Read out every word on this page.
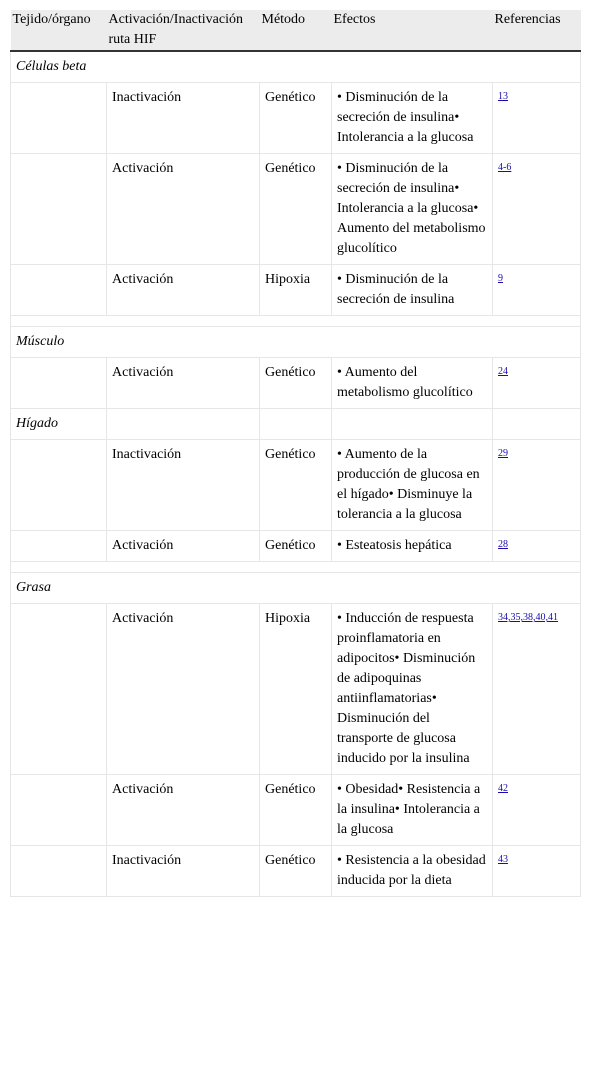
Tejido/órgano	Activación/Inactivación ruta HIF	Método	Efectos	Referencias
Células beta				
	Inactivación	Genético	• Disminución de la secreción de insulina• Intolerancia a la glucosa	13
	Activación	Genético	• Disminución de la secreción de insulina• Intolerancia a la glucosa• Aumento del metabolismo glucolítico	4-6
	Activación	Hipoxia	• Disminución de la secreción de insulina	9

Músculo				
	Activación	Genético	• Aumento del metabolismo glucolítico	24
Hígado				
	Inactivación	Genético	• Aumento de la producción de glucosa en el hígado• Disminuye la tolerancia a la glucosa	29
	Activación	Genético	• Esteatosis hepática	28

Grasa				
	Activación	Hipoxia	• Inducción de respuesta proinflamatoria en adipocitos• Disminución de adipoquinas antiinflamatorias• Disminución del transporte de glucosa inducido por la insulina	34,35,38,40,41
	Activación	Genético	• Obesidad• Resistencia a la insulina• Intolerancia a la glucosa	42
	Inactivación	Genético	• Resistencia a la obesidad inducida por la dieta	43
